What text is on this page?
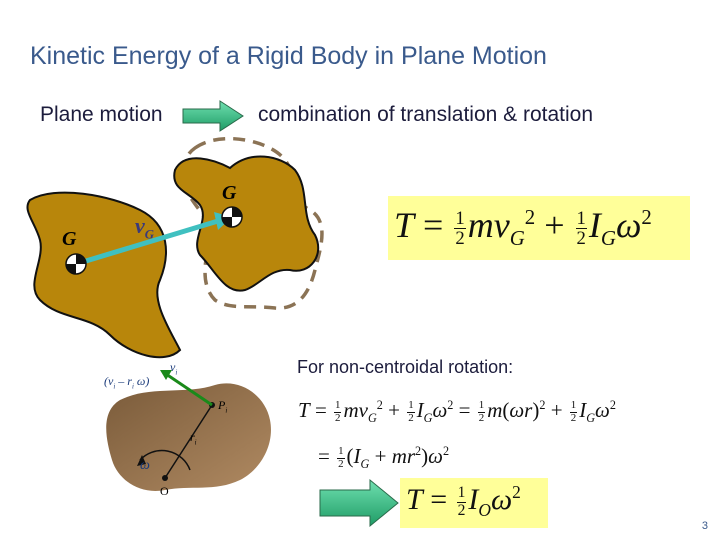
Kinetic Energy of a Rigid Body in Plane Motion
Plane motion	combination of translation & rotation
G
G
$v_G$	$T = \frac{1}{2} mv_G^2 + \frac{1}{2} I_G\omega^2$
For non-centroidal rotation:
$v_i$
($v_i - r_i$ ω)
$P_i$
$r_i$
ω
O
$T = \frac{1}{2} mv_G^2 + \frac{1}{2} I_G\omega^2 = \frac{1}{2} m(\omega r)^2 + \frac{1}{2} I_G\omega^2$
= $\frac{1}{2} (I_G + mr^2)\omega^2$
$T = \frac{1}{2} I_O\omega^2$
3
